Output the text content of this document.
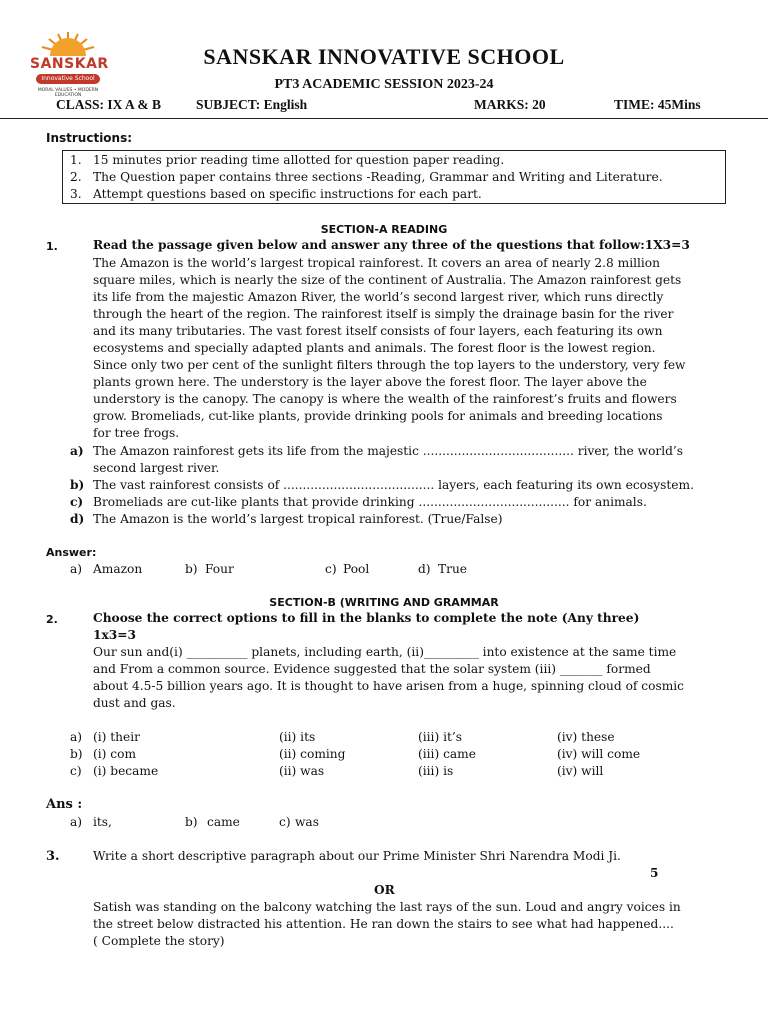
SANSKAR
Innovative School
MORAL VALUES • MODERN EDUCATION
SANSKAR INNOVATIVE SCHOOL
PT3 ACADEMIC SESSION 2023-24
CLASS: IX A & B	SUBJECT: English	MARKS: 20	TIME: 45Mins
Instructions:
1. 15 minutes prior reading time allotted for question paper reading.
2. The Question paper contains three sections -Reading, Grammar and Writing and Literature.
3. Attempt questions based on specific instructions for each part.
SECTION-A READING
1.	Read the passage given below and answer any three of the questions that follow:1X3=3
The Amazon is the world’s largest tropical rainforest. It covers an area of nearly 2.8 million
square miles, which is nearly the size of the continent of Australia. The Amazon rainforest gets
its life from the majestic Amazon River, the world’s second largest river, which runs directly
through the heart of the region. The rainforest itself is simply the drainage basin for the river
and its many tributaries. The vast forest itself consists of four layers, each featuring its own
ecosystems and specially adapted plants and animals. The forest floor is the lowest region.
Since only two per cent of the sunlight filters through the top layers to the understory, very few
plants grown here. The understory is the layer above the forest floor. The layer above the
understory is the canopy. The canopy is where the wealth of the rainforest’s fruits and flowers
grow. Bromeliads, cut-like plants, provide drinking pools for animals and breeding locations
for tree frogs.
a) The Amazon rainforest gets its life from the majestic ....................................... river, the world’s
second largest river.
b) The vast rainforest consists of ....................................... layers, each featuring its own ecosystem.
c) Bromeliads are cut-like plants that provide drinking ....................................... for animals.
d) The Amazon is the world’s largest tropical rainforest. (True/False)
Answer:
a) Amazon	b) Four	c) Pool	d) True
SECTION-B (WRITING AND GRAMMAR
2.	Choose the correct options to fill in the blanks to complete the note (Any three)
1x3=3
Our sun and(i) __________ planets, including earth, (ii)_________ into existence at the same time
and From a common source. Evidence suggested that the solar system (iii) _______ formed
about 4.5-5 billion years ago. It is thought to have arisen from a huge, spinning cloud of cosmic
dust and gas.
a) (i) their	(ii) its	(iii) it’s	(iv) these
b) (i) com	(ii) coming	(iii) came	(iv) will come
c) (i) became	(ii) was	(iii) is	(iv) will
Ans :
a) its,	b) came	c) was
3.	Write a short descriptive paragraph about our Prime Minister Shri Narendra Modi Ji.
5
OR
Satish was standing on the balcony watching the last rays of the sun. Loud and angry voices in
the street below distracted his attention. He ran down the stairs to see what had happened....
( Complete the story)
